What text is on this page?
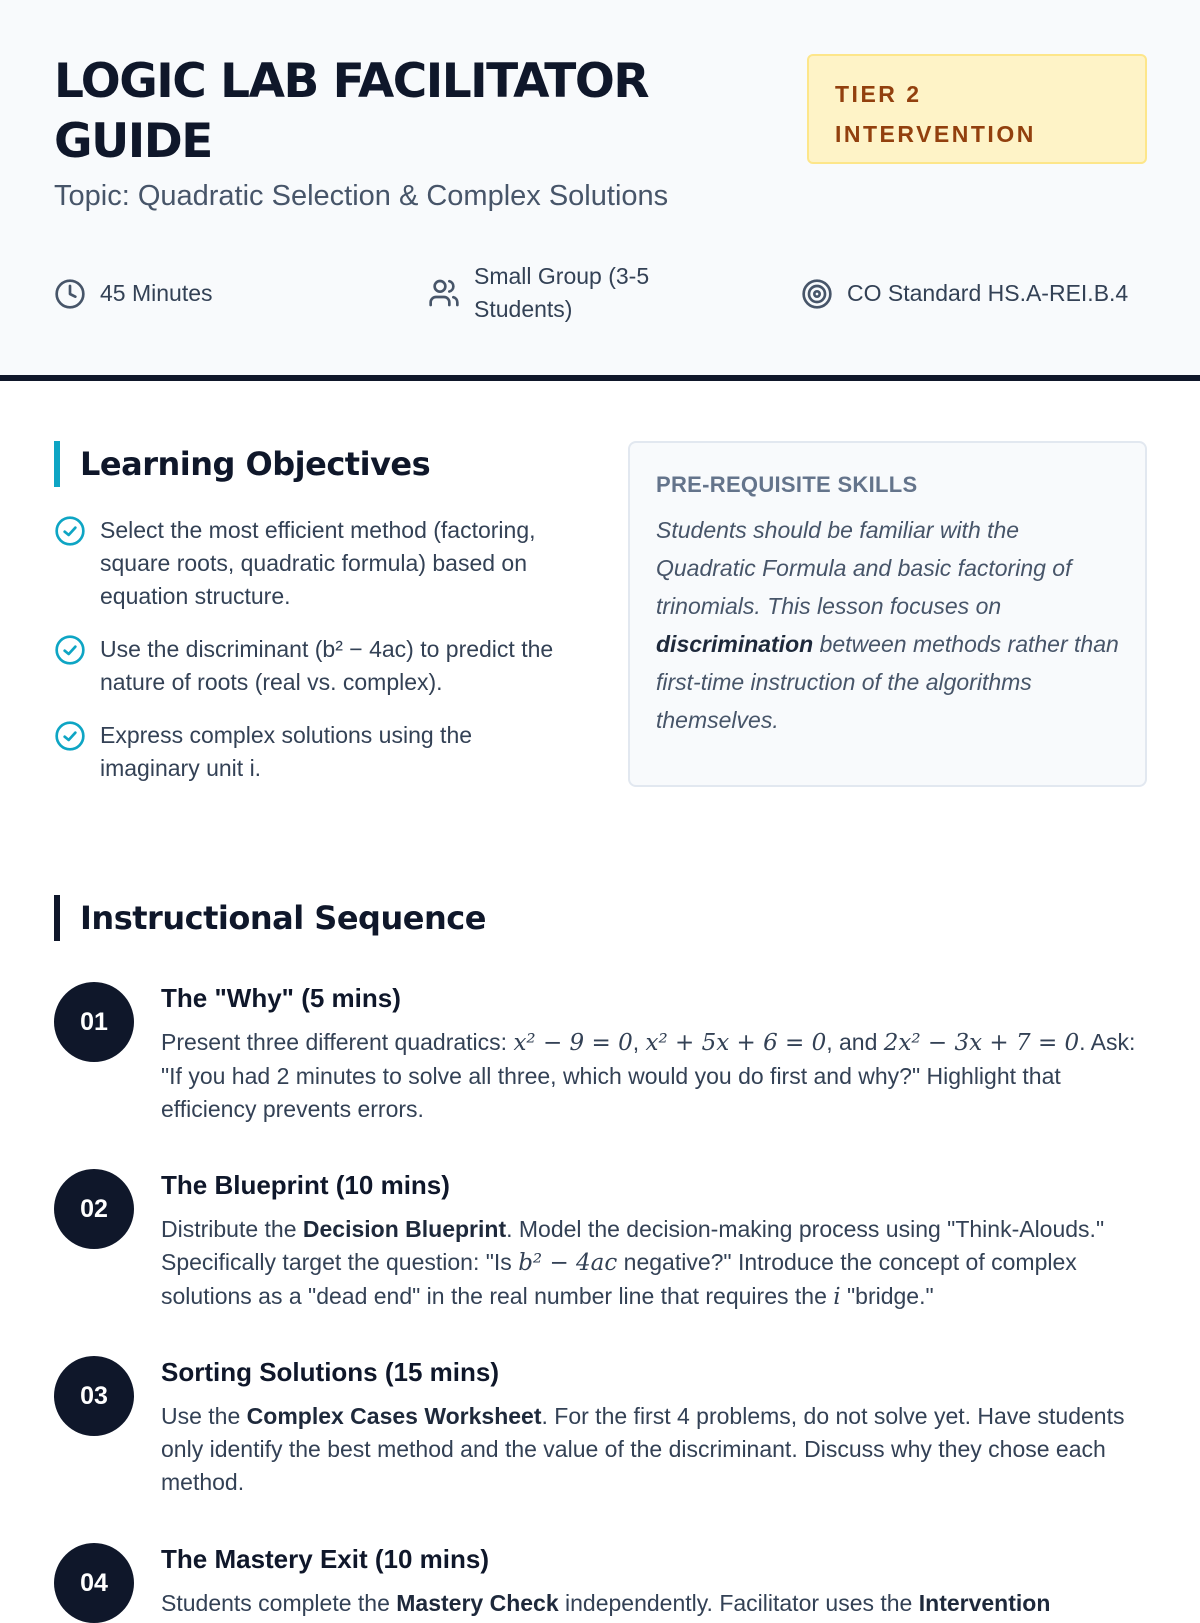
LOGIC LAB FACILITATOR GUIDE
TIER 2 INTERVENTION
Topic: Quadratic Selection & Complex Solutions
45 Minutes
Small Group (3-5 Students)
CO Standard HS.A-REI.B.4
Learning Objectives
Select the most efficient method (factoring, square roots, quadratic formula) based on equation structure.
Use the discriminant (b² − 4ac) to predict the nature of roots (real vs. complex).
Express complex solutions using the imaginary unit i.
PRE-REQUISITE SKILLS

Students should be familiar with the Quadratic Formula and basic factoring of trinomials. This lesson focuses on discrimination between methods rather than first-time instruction of the algorithms themselves.

Instructional Sequence
01
The "Why" (5 mins)

Present three different quadratics: x² − 9 = 0, x² + 5x + 6 = 0, and 2x² − 3x + 7 = 0. Ask: "If you had 2 minutes to solve all three, which would you do first and why?" Highlight that efficiency prevents errors.

02
The Blueprint (10 mins)

Distribute the Decision Blueprint. Model the decision-making process using "Think-Alouds." Specifically target the question: "Is b² − 4ac negative?" Introduce the concept of complex solutions as a "dead end" in the real number line that requires the i "bridge."

03
Sorting Solutions (15 mins)

Use the Complex Cases Worksheet. For the first 4 problems, do not solve yet. Have students only identify the best method and the value of the discriminant. Discuss why they chose each method.

04
The Mastery Exit (10 mins)

Students complete the Mastery Check independently. Facilitator uses the Intervention
